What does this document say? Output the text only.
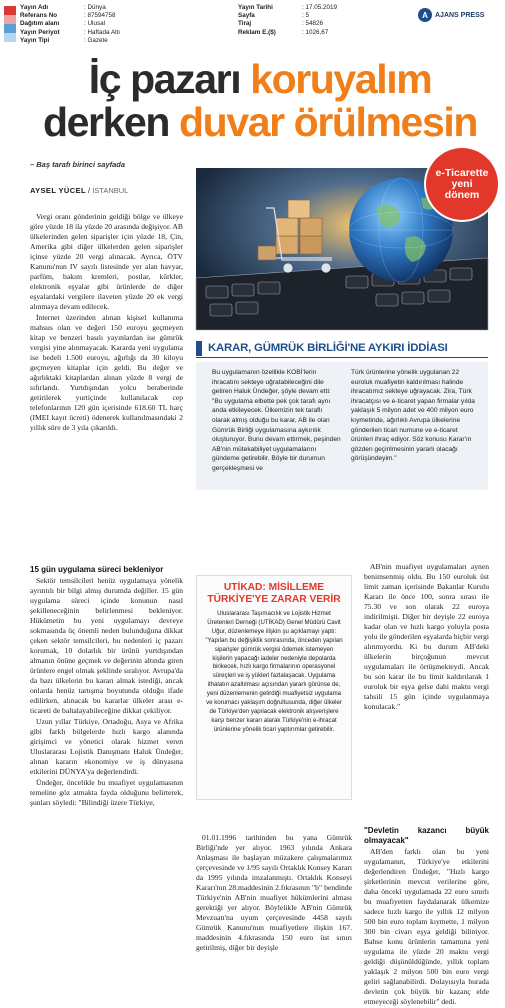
Yayın Adı	: Dünya
Referans No	: 87594758
Dağıtım alanı	: Ulusal
Yayın Periyot	: Haftada Altı
Yayın Tipi	: Gazete
Yayın Tarihi	: 17.05.2019
Sayfa	: 5
Tiraj	: 54826
Reklam E.($)	: 1026,67
A	AJANS PRESS
İç pazarı koruyalım
derken duvar örülmesin
– Baş tarafı birinci sayfada
AYSEL YÜCEL / İSTANBUL
e-Ticarette
yeni
dönem

Vergi oranı gönderinin geldiği bölge ve ülkeye göre yüzde 18 ila yüzde 20 arasında değişiyor. AB ülkelerinden gelen siparişler için yüzde 18, Çin, Amerika gibi diğer ülkelerden gelen siparişler içinse yüzde 20 vergi alınacak. Ayrıca, ÖTV Kanunu'nun IV sayılı listesinde yer alan havyar, parfüm, bakım kremleri, postlar, kürkler, elektronik eşyalar gibi ürünlerde de diğer eşyalardaki vergilere ilaveten yüzde 20 ek vergi alınmaya devam edilecek.

İnternet üzerinden alınan kişisel kullanıma mahsus olan ve değeri 150 euroyu geçmeyen kitap ve benzeri basılı yayınlardan ise gümrük vergisi yine alınmayacak. Kararda yeni uygulama ise bedeli 1.500 euroyu, ağırlığı da 30 kiloyu geçmeyen kitaplar için geldi. Bu değer ve ağırlıktaki kitaplardan alınan yüzde 8 vergi de sıfırlandı. Yurtdışından yolcu beraberinde getirilerek yurtiçinde kullanılacak cep telefonlarının 120 gün içerisinde 618.60 TL harç (IMEI kayıt ücreti) ödenerek kullanılmasındaki 2 yıllık süre de 3 yıla çıkarıldı.

KARAR, GÜMRÜK BİRLİĞİ'NE AYKIRI İDDİASI
Bu uygulamanın özellikle KOBİ'lerin ihracatını sekteye uğratabileceğini dile getiren Haluk Ündeğer, şöyle devam etti: "Bu uygulama elbette pek çok tarafı aynı anda etkileyecek. Ülkemizin tek taraflı olarak almış olduğu bu karar, AB ile olan Gümrük Birliği uygulamasına aykırılık oluşturuyor. Bunu devam ettirmek, peşinden AB'nin mütekabiliyet uygulamalarını gündeme getirebilir. Böyle bir durumun gerçekleşmesi ve
Türk ürünlerine yönelik uygulanan 22 euroluk muafiyetin kaldırılması halinde ihracatımız sekteye uğrayacak. Zira, Türk ihracatçısı ve e-ticaret yapan firmalar yılda yaklaşık 5 milyon adet ve 400 milyon euro kıymetinde, ağırlıklı Avrupa ülkelerine gönderilen ticari numune ve e-ticaret ürünleri ihraç ediyor. Söz konusu Karar'ın gözden geçirilmesinin yararlı olacağı görüşündeyim."
15 gün uygulama süreci bekleniyor

Sektör temsilcileri henüz uygulamaya yönelik ayrıntılı bir bilgi almış durumda değiller. 15 gün uygulama süreci içinde konunun nasıl şekilleneceğinin belirlenmesi bekleniyor. Hükümetin bu yeni uygulamayı devreye sokmasında üç önemli neden bulunduğuna dikkat çeken sektör temsilcileri, bu nedenleri iç pazarı korumak, 10 dolarlık bir ürünü yurtdışından almanın önüne geçmek ve değerinin altında giren ürünlere engel olmak şeklinde sıralıyor. Avrupa'da da bazı ülkelerin bu kararı almak istediği, ancak onlarda henüz tartışma boyutunda olduğu ifade edilirken, alınacak bu kararlar ülkeler arası e-ticareti de baltalayabileceğine dikkat çekiliyor.

Uzun yıllar Türkiye, Ortadoğu, Asya ve Afrika gibi farklı bölgelerde hızlı kargo alanında girişimci ve yönetici olarak hizmet veren Uluslararası Lojistik Danışmanı Haluk Ündeğer, alınan kararın ekonomiye ve iş dünyasına etkilerini DÜNYA'ya değerlendirdi.

Ündeğer, öncelikle bu muafiyet uygulamasının temeline göz atmakta fayda olduğunu belirterek, şunları söyledi: "Bilindiği üzere Türkiye,

UTİKAD: MİSİLLEME
TÜRKİYE'YE ZARAR VERİR
Uluslararası Taşımacılık ve Lojistik Hizmet Üretenleri Derneği (UTİKAD) Genel Müdürü Cavit Uğur, düzenlemeye ilişkin şu açıklamayı yaptı: "Yapılan bu değişiklik sonrasında, önceden yapılan siparişler gümrük vergisi ödemek istemeyen kişilerin yapacağı iadeler nedeniyle depolarda birikecek, hızlı kargo firmalarının operasyonel süreçleri ve iş yükleri fazlalaşacak. Uygulama ithalatın azaltılması açısından yararlı görünse de, yeni düzenlemenin getirdiği muafiyetsiz uygulama ve korumacı yaklaşım doğrultusunda, diğer ülkeler de Türkiye'den yapılacak elektronik alışverişlere karşı benzer kararı alarak Türkiye'nin e-ihracat ürünlerine yönelik ticari yaptırımlar getirebilir.

01.01.1996 tarihinden bu yana Gümrük Birliği'nde yer alıyor. 1963 yılında Ankara Anlaşması ile başlayan müzakere çalışmalarımız çerçevesinde ve 1/95 sayılı Ortaklık Konsey Kararı da 1995 yılında imzalanmıştı. Ortaklık Konseyi Kararı'nın 28.maddesinin 2.fıkrasının "b" bendinde Türkiye'nin AB'nin muafiyet hükümlerini alması gerektiği yer alıyor. Böylelikle AB'nin Gümrük Mevzuatı'na uyum çerçevesinde 4458 sayılı Gümrük Kanunu'nun muafiyetlere ilişkin 167. maddesinin 4.fıkrasında 150 euro üst sınırı getirilmiş, diğer bir deyişle

AB'nin muafiyet uygulamaları aynen benimsenmiş oldu. Bu 150 euroluk üst limit zaman içerisinde Bakanlar Kurulu Kararı ile önce 100, sonra sırası ile 75.30 ve son olarak 22 euroya indirilmişti. Diğer bir deyişle 22 euroya kadar olan ve hızlı kargo yoluyla posta yolu ile gönderilen eşyalarda hiçbir vergi alınmıyordu. Ki bu durum AB'deki ülkelerin birçoğunun mevcut uygulamaları ile örtüşmekteydi. Ancak bu son karar ile bu limit kaldırılarak 1 euroluk bir eşya gelse dahi maktu vergi tahsili 15 gün içinde uygulanmaya konulacak."

"Devletin kazancı büyük olmayacak"

AB'den farklı olan bu yeni uygulamanın, Türkiye'ye etkilerini değerlendiren Ündeğer, "Hızlı kargo şirketlerinin mevcut verilerine göre, daha önceki uygulamada 22 euro sınırlı bu muafiyetten faydalanarak ülkemize sadece hızlı kargo ile yıllık 12 milyon 500 bin euro toplam kıymette, 1 milyon 300 bin civarı eşya geldiği biliniyor. Bahse konu ürünlerin tamamına yeni uygulama ile yüzde 20 maktu vergi geldiği düşünüldüğünde, yıllık toplam yaklaşık 2 milyon 500 bin euro vergi geliri sağlanabilirdi. Dolayısıyla burada devletin çok büyük bir kazanç elde etmeyeceği söylenebilir" dedi.
